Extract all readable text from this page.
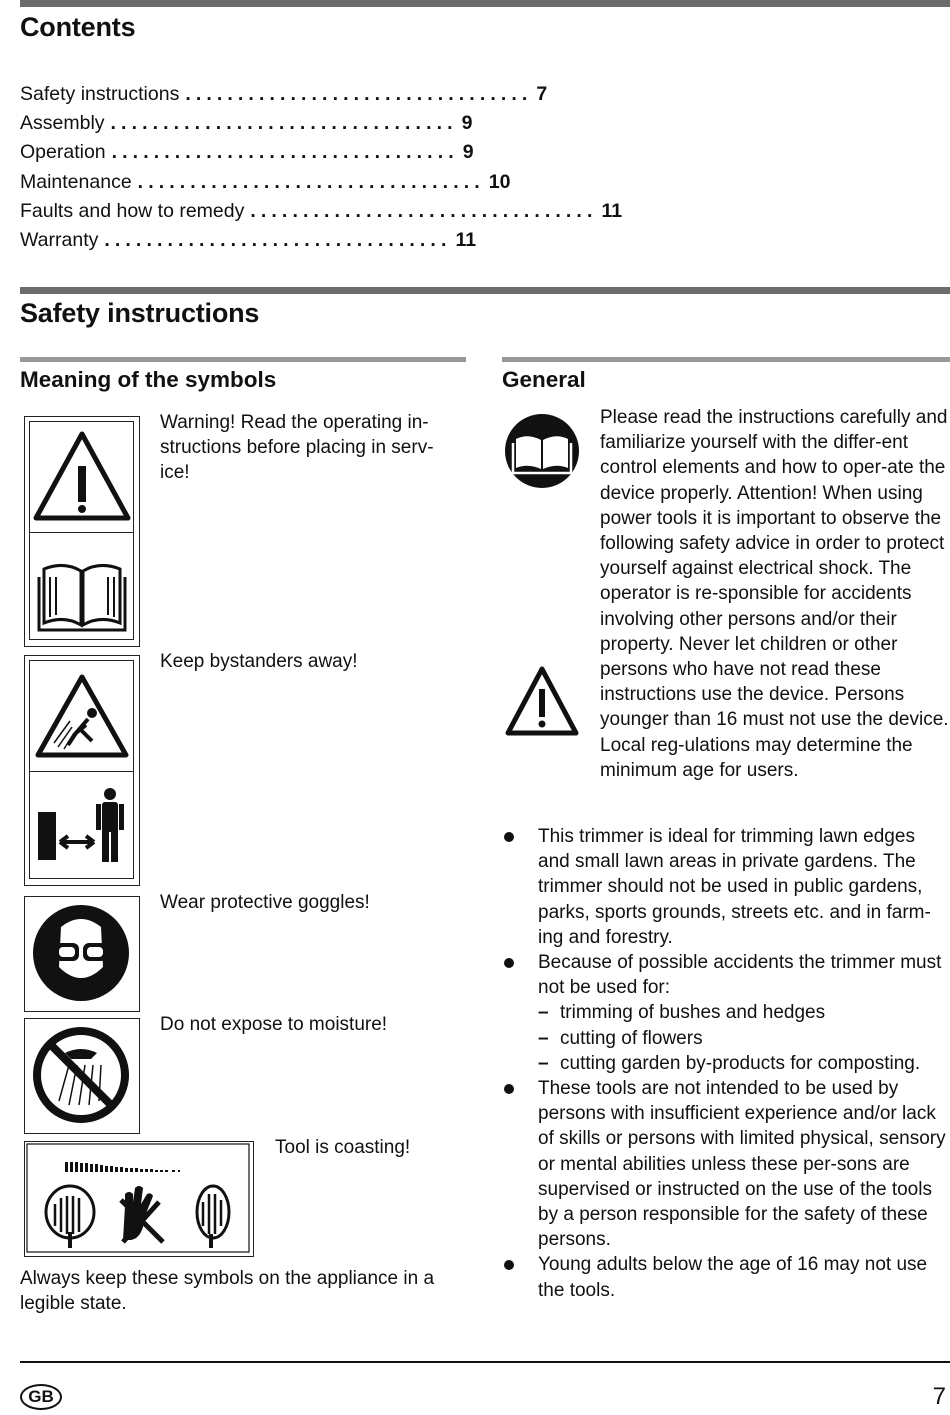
Contents
Safety instructions ................................. 7
Assembly ................................. 9
Operation ................................. 9
Maintenance ................................. 10
Faults and how to remedy ................................. 11
Warranty ................................. 11
Safety instructions
Meaning of the symbols
Warning! Read the operating in-structions before placing in serv-ice!
Keep bystanders away!
Wear protective goggles!
Do not expose to moisture!
Tool is coasting!
Always keep these symbols on the appliance in a legible state.
General
Please read the instructions carefully and familiarize yourself with the differ-ent control elements and how to oper-ate the device properly. Attention! When using power tools it is important to observe the following safety advice in order to protect yourself against electrical shock. The operator is re-sponsible for accidents involving other persons and/or their property. Never let children or other persons who have not read these instructions use the device. Persons younger than 16 must not use the device. Local reg-ulations may determine the minimum age for users.
This trimmer is ideal for trimming lawn edges and small lawn areas in private gardens. The trimmer should not be used in public gardens, parks, sports grounds, streets etc. and in farm-ing and forestry.
Because of possible accidents the trimmer must not be used for:
– trimming of bushes and hedges
– cutting of flowers
– cutting garden by-products for composting.
These tools are not intended to be used by persons with insufficient experience and/or lack of skills or persons with limited physical, sensory or mental abilities unless these per-sons are supervised or instructed on the use of the tools by a person responsible for the safety of these persons.
Young adults below the age of 16 may not use the tools.
GB	7
